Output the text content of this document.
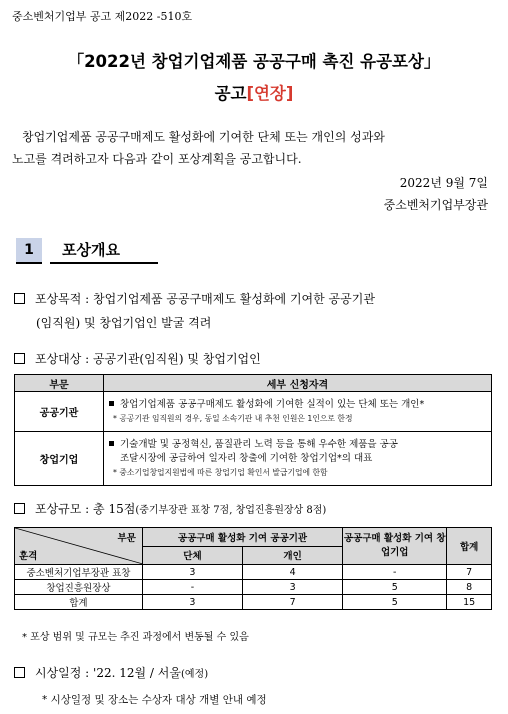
중소벤처기업부 공고 제2022 -510호
「2022년 창업기업제품 공공구매 촉진 유공포상」
공고[연장]
창업기업제품 공공구매제도 활성화에 기여한 단체 또는 개인의 성과와
노고를 격려하고자 다음과 같이 포상계획을 공고합니다.
2022년 9월 7일
중소벤처기업부장관
1	포상개요
포상목적 : 창업기업제품 공공구매제도 활성화에 기여한 공공기관
(임직원) 및 창업기업인 발굴 격려
포상대상 : 공공기관(임직원) 및 창업기업인
부문	세부 신청자격
공공기관	창업기업제품 공공구매제도 활성화에 기여한 실적이 있는 단체 또는 개인*
* 공공기관 임직원의 경우, 동일 소속기관 내 추천 인원은 1인으로 한정

창업기업	기술개발 및 공정혁신, 품질관리 노력 등을 통해 우수한 제품을 공공
조달시장에 공급하여 일자리 창출에 기여한 창업기업*의 대표
* 중소기업창업지원법에 따른 창업기업 확인서 발급기업에 한함
포상규모 : 총 15점(중기부장관 표창 7점, 창업진흥원장상 8점)
부문
훈격	공공구매 활성화 기여 공공기관		공공구매 활성화 기여 창업기업	합계
	단체	개인		
중소벤처기업부장관 표창	3	4	-	7
창업진흥원장상	-	3	5	8
합계	3	7	5	15
* 포상 범위 및 규모는 추진 과정에서 변동될 수 있음
시상일정 : '22. 12월 / 서울(예정)
* 시상일정 및 장소는 수상자 대상 개별 안내 예정
